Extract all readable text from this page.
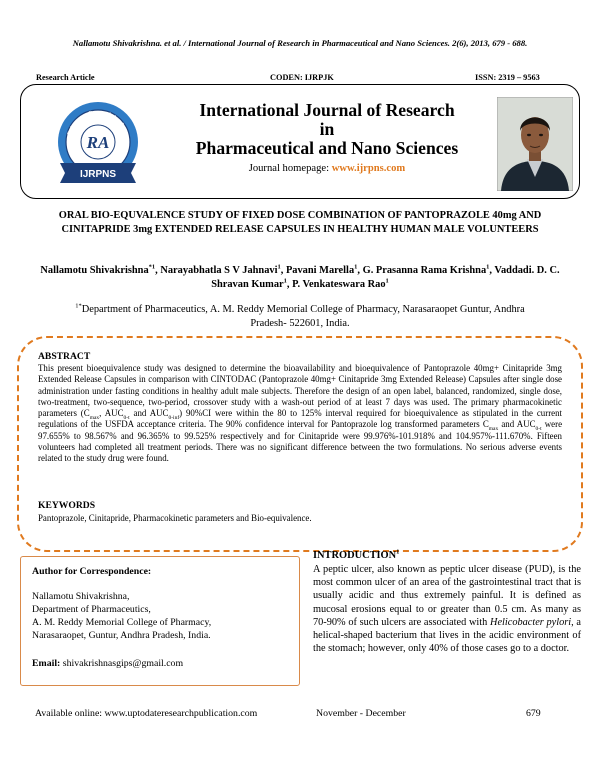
Nallamotu Shivakrishna. et al. / International Journal of Research in Pharmaceutical and Nano Sciences. 2(6), 2013, 679 - 688.
Research Article	CODEN: IJRPJK	ISSN: 2319 – 9563
Rejuvenate Research Academy
RA
IJRPNS
International Journal of Research
in
Pharmaceutical and Nano Sciences
Journal homepage: www.ijrpns.com
ORAL BIO-EQUVALENCE STUDY OF FIXED DOSE COMBINATION OF PANTOPRAZOLE 40mg AND CINITAPRIDE 3mg EXTENDED RELEASE CAPSULES IN HEALTHY HUMAN MALE VOLUNTEERS
Nallamotu Shivakrishna$^{*1}$, Narayabhatla S V Jahnavi$^1$, Pavani Marella$^1$, G. Prasanna Rama Krishna$^1$, Vaddadi. D. C. Shravan Kumar$^1$, P. Venkateswara Rao$^1$
$^{1*}$Department of Pharmaceutics, A. M. Reddy Memorial College of Pharmacy, Narasaraopet Guntur, Andhra Pradesh- 522601, India.
ABSTRACT
This present bioequivalence study was designed to determine the bioavailability and bioequivalence of Pantoprazole 40mg+ Cinitapride 3mg Extended Release Capsules in comparison with CINTODAC (Pantoprazole 40mg+ Cinitapride 3mg Extended Release) Capsules after single dose administration under fasting conditions in healthy adult male subjects. Therefore the design of an open label, balanced, randomized, single dose, two-treatment, two-sequence, two-period, crossover study with a wash-out period of at least 7 days was used. The primary pharmacokinetic parameters ($C_{max}$, $AUC_{0-t}$ and $AUC_{0-inf}$) 90%CI were within the 80 to 125% interval required for bioequivalence as stipulated in the current regulations of the USFDA acceptance criteria. The 90% confidence interval for Pantoprazole log transformed parameters $C_{max}$ and $AUC_{0-t}$ were 97.655% to 98.567% and 96.365% to 99.525% respectively and for Cinitapride were 99.976%-101.918% and 104.957%-111.670%. Fifteen volunteers had completed all treatment periods. There was no significant difference between the two formulations. No serious adverse events related to the study drug were found.
KEYWORDS
Pantoprazole, Cinitapride, Pharmacokinetic parameters and Bio-equivalence.
Author for Correspondence:
Nallamotu Shivakrishna,
Department of Pharmaceutics,
A. M. Reddy Memorial College of Pharmacy,
Narasaraopet, Guntur, Andhra Pradesh, India.
Email: shivakrishnasgips@gmail.com
INTRODUCTION$^1$
A peptic ulcer, also known as peptic ulcer disease (PUD), is the most common ulcer of an area of the gastrointestinal tract that is usually acidic and thus extremely painful. It is defined as mucosal erosions equal to or greater than 0.5 cm. As many as 70-90% of such ulcers are associated with Helicobacter pylori, a helical-shaped bacterium that lives in the acidic environment of the stomach; however, only 40% of those cases go to a doctor.
Available online: www.uptodateresearchpublication.com	November - December	679
